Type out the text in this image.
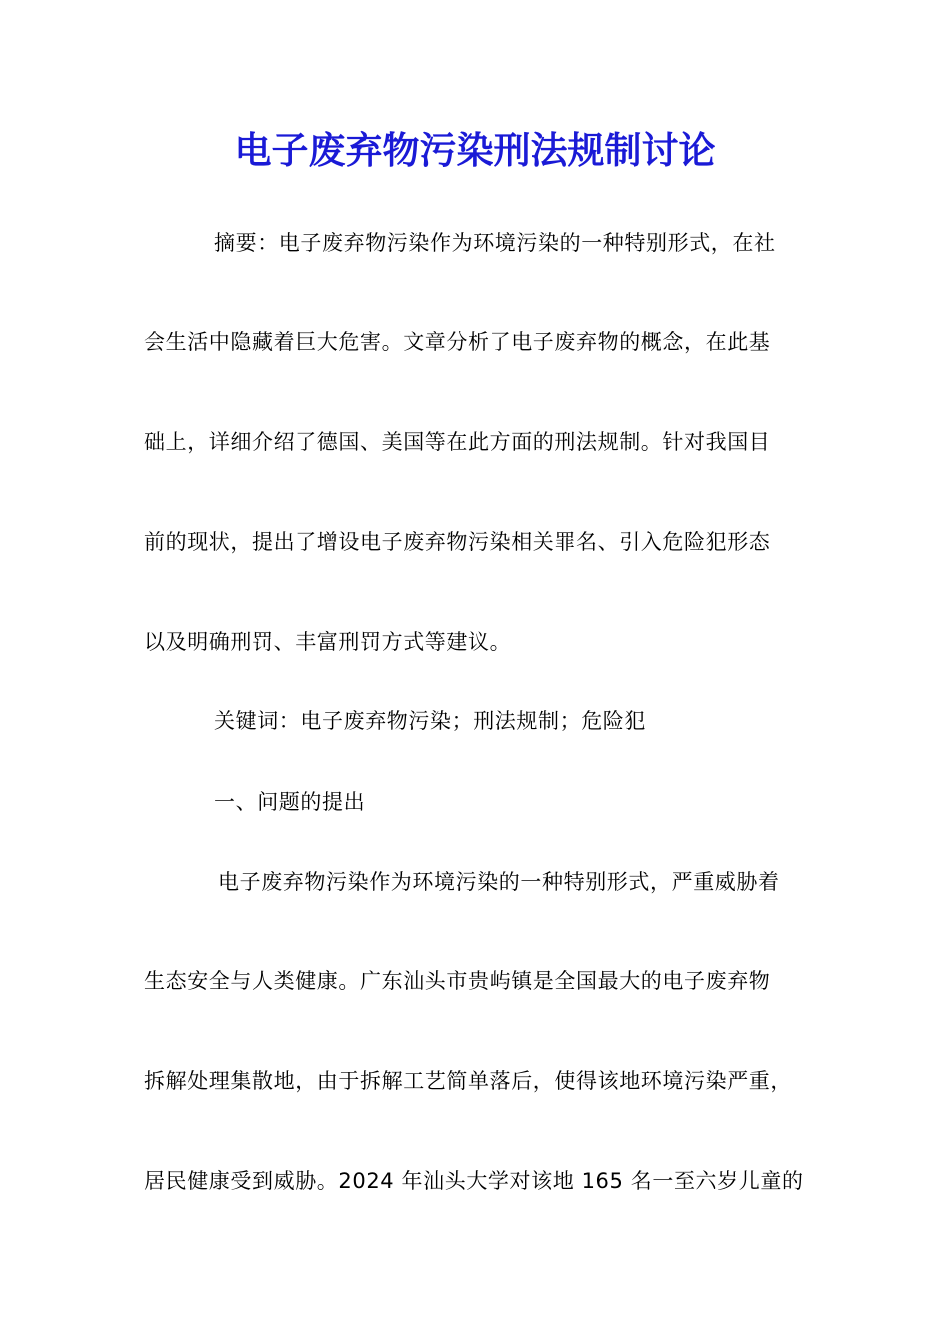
电子废弃物污染刑法规制讨论
摘要：电子废弃物污染作为环境污染的一种特别形式，在社
会生活中隐藏着巨大危害。文章分析了电子废弃物的概念，在此基
础上，详细介绍了德国、美国等在此方面的刑法规制。针对我国目
前的现状，提出了增设电子废弃物污染相关罪名、引入危险犯形态
以及明确刑罚、丰富刑罚方式等建议。
关键词：电子废弃物污染；刑法规制；危险犯
一、问题的提出
电子废弃物污染作为环境污染的一种特别形式，严重威胁着
生态安全与人类健康。广东汕头市贵屿镇是全国最大的电子废弃物
拆解处理集散地，由于拆解工艺简单落后，使得该地环境污染严重，
居民健康受到威胁。2024 年汕头大学对该地 165 名一至六岁儿童的
